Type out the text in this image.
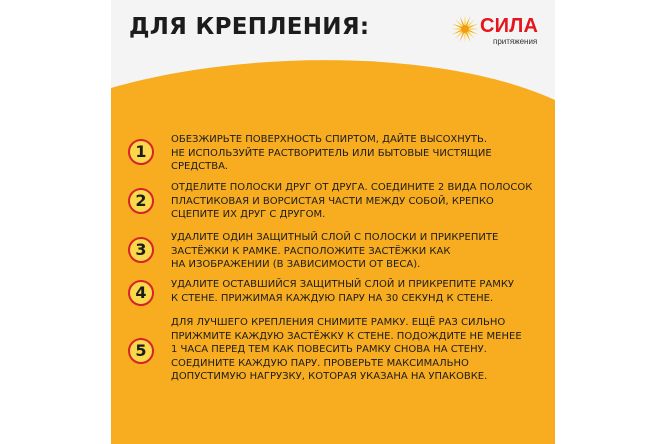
ДЛЯ КРЕПЛЕНИЯ:	СИЛА
притяжения
1
ОБЕЗЖИРЬТЕ ПОВЕРХНОСТЬ СПИРТОМ, ДАЙТЕ ВЫСОХНУТЬ.
НЕ ИСПОЛЬЗУЙТЕ РАСТВОРИТЕЛЬ ИЛИ БЫТОВЫЕ ЧИСТЯЩИЕ
СРЕДСТВА.
2
ОТДЕЛИТЕ ПОЛОСКИ ДРУГ ОТ ДРУГА. СОЕДИНИТЕ 2 ВИДА ПОЛОСОК
ПЛАСТИКОВАЯ И ВОРСИСТАЯ ЧАСТИ МЕЖДУ СОБОЙ, КРЕПКО
СЦЕПИТЕ ИХ ДРУГ С ДРУГОМ.
3
УДАЛИТЕ ОДИН ЗАЩИТНЫЙ СЛОЙ С ПОЛОСКИ И ПРИКРЕПИТЕ
ЗАСТЁЖКИ К РАМКЕ. РАСПОЛОЖИТЕ ЗАСТЁЖКИ КАК
НА ИЗОБРАЖЕНИИ (В ЗАВИСИМОСТИ ОТ ВЕСА).
4	УДАЛИТЕ ОСТАВШИЙСЯ ЗАЩИТНЫЙ СЛОЙ И ПРИКРЕПИТЕ РАМКУ
К СТЕНЕ. ПРИЖИМАЯ КАЖДУЮ ПАРУ НА 30 СЕКУНД К СТЕНЕ.
5
ДЛЯ ЛУЧШЕГО КРЕПЛЕНИЯ СНИМИТЕ РАМКУ. ЕЩЁ РАЗ СИЛЬНО
ПРИЖМИТЕ КАЖДУЮ ЗАСТЁЖКУ К СТЕНЕ. ПОДОЖДИТЕ НЕ МЕНЕЕ
1 ЧАСА ПЕРЕД ТЕМ КАК ПОВЕСИТЬ РАМКУ СНОВА НА СТЕНУ.
СОЕДИНИТЕ КАЖДУЮ ПАРУ. ПРОВЕРЬТЕ МАКСИМАЛЬНО
ДОПУСТИМУЮ НАГРУЗКУ, КОТОРАЯ УКАЗАНА НА УПАКОВКЕ.
